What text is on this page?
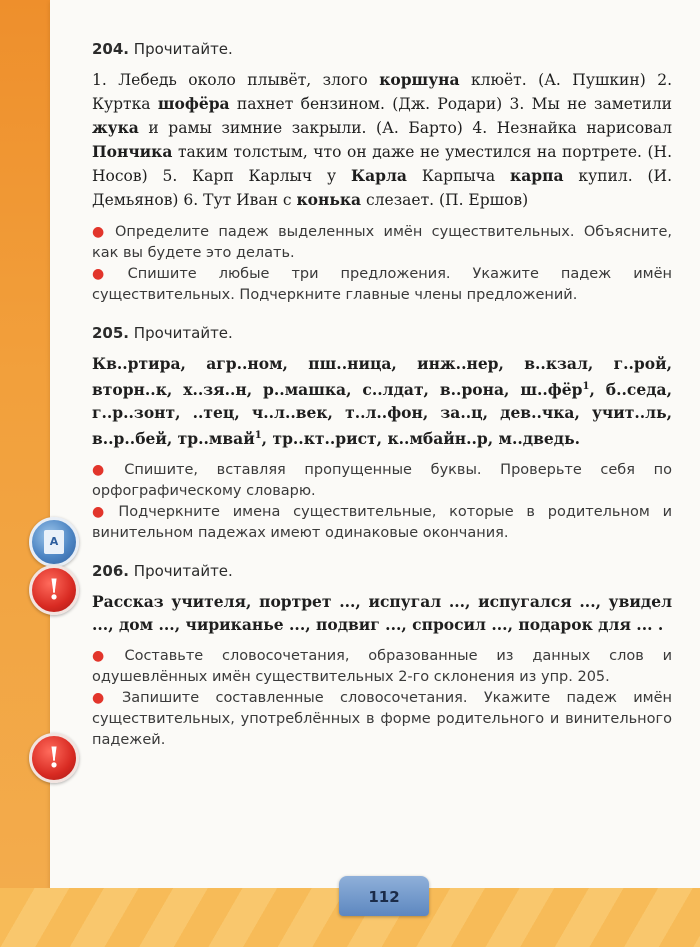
А
!
!
204. Прочитайте.

1. Лебедь около плывёт, злого коршуна клюёт. (А. Пушкин) 2. Куртка шофёра пахнет бензином. (Дж. Родари) 3. Мы не заметили жука и рамы зимние закрыли. (А. Барто) 4. Незнайка нарисовал Пончика таким толстым, что он даже не уместился на портрете. (Н. Носов) 5. Карп Карлыч у Карла Карпыча карпа купил. (И. Демьянов) 6. Тут Иван с конька слезает. (П. Ершов)

● Определите падеж выделенных имён существительных. Объясните, как вы будете это делать.

● Спишите любые три предложения. Укажите падеж имён существительных. Подчеркните главные члены предложений.

205. Прочитайте.

Кв..ртира, агр..ном, пш..ница, инж..нер, в..кзал, г..рой, вторн..к, х..зя..н, р..машка, с..лдат, в..рона, ш..фёр$^1$, б..седа, г..р..зонт, ..тец, ч..л..век, т..л..фон, за..ц, дев..чка, учит..ль, в..р..бей, тр..мвай$^1$, тр..кт..рист, к..мбайн..р, м..дведь.

● Спишите, вставляя пропущенные буквы. Проверьте себя по орфографическому словарю.

● Подчеркните имена существительные, которые в родительном и винительном падежах имеют одинаковые окончания.

206. Прочитайте.

Рассказ учителя, портрет ..., испугал ..., испугался ..., увидел ..., дом ..., чириканье ..., подвиг ..., спросил ..., подарок для ... .

● Составьте словосочетания, образованные из данных слов и одушевлённых имён существительных 2-го склонения из упр. 205.

● Запишите составленные словосочетания. Укажите падеж имён существительных, употреблённых в форме родительного и винительного падежей.

112
